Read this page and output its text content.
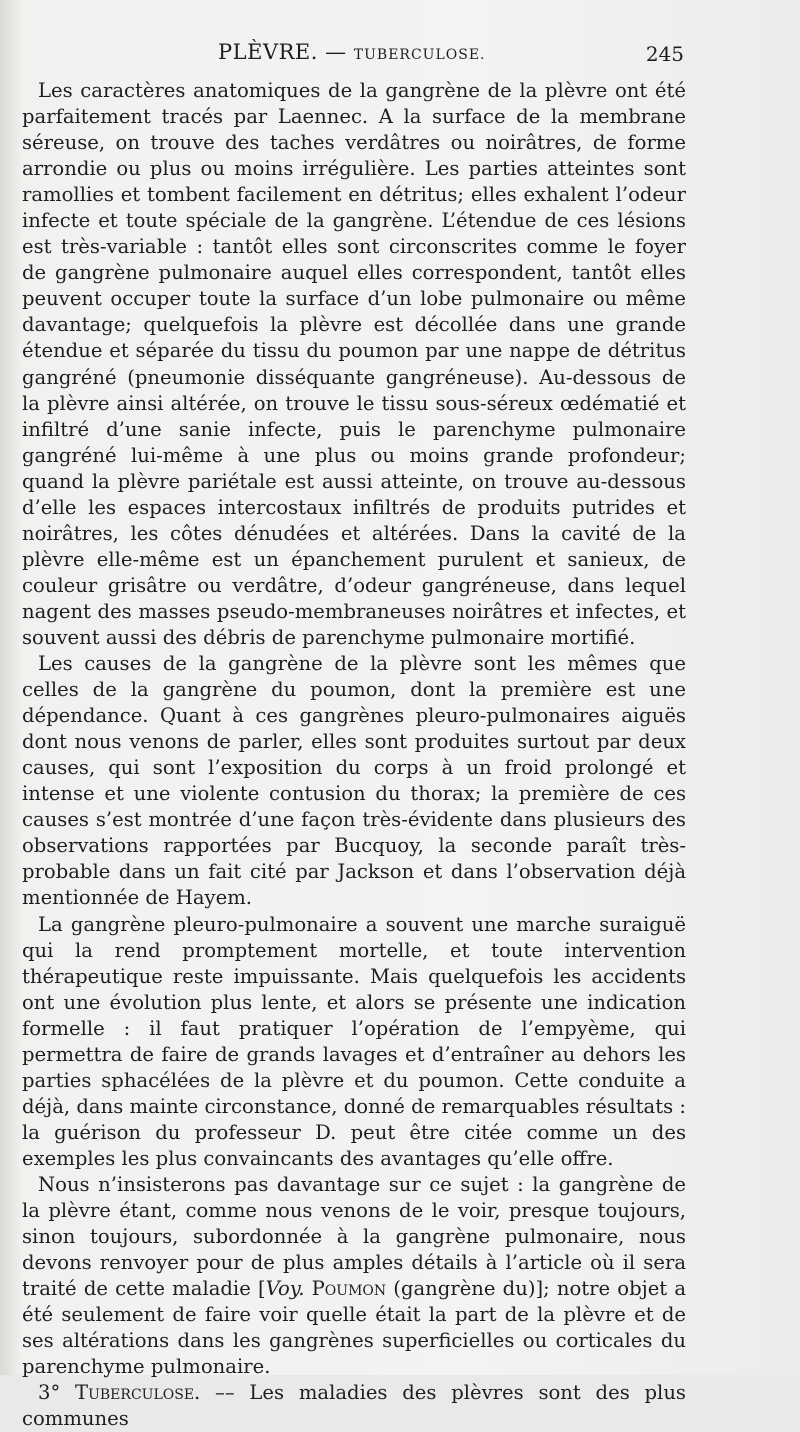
PLÈVRE. — TUBERCULOSE.	245

Les caractères anatomiques de la gangrène de la plèvre ont été parfaitement tracés par Laennec. A la surface de la membrane séreuse, on trouve des taches verdâtres ou noirâtres, de forme arrondie ou plus ou moins irrégulière. Les parties atteintes sont ramollies et tombent facilement en détritus; elles exhalent l’odeur infecte et toute spéciale de la gangrène. L’étendue de ces lésions est très-variable : tantôt elles sont circonscrites comme le foyer de gangrène pulmonaire auquel elles correspondent, tantôt elles peuvent occuper toute la surface d’un lobe pulmonaire ou même davantage; quelquefois la plèvre est décollée dans une grande étendue et séparée du tissu du poumon par une nappe de détritus gangréné (pneumonie disséquante gangréneuse). Au-dessous de la plèvre ainsi altérée, on trouve le tissu sous-séreux œdématié et infiltré d’une sanie infecte, puis le parenchyme pulmonaire gangréné lui-même à une plus ou moins grande profondeur; quand la plèvre pariétale est aussi atteinte, on trouve au-dessous d’elle les espaces intercostaux infiltrés de produits putrides et noirâtres, les côtes dénudées et altérées. Dans la cavité de la plèvre elle-même est un épanchement purulent et sanieux, de couleur grisâtre ou verdâtre, d’odeur gangréneuse, dans lequel nagent des masses pseudo-membraneuses noirâtres et infectes, et souvent aussi des débris de parenchyme pulmonaire mortifié.

Les causes de la gangrène de la plèvre sont les mêmes que celles de la gangrène du poumon, dont la première est une dépendance. Quant à ces gangrènes pleuro-pulmonaires aiguës dont nous venons de parler, elles sont produites surtout par deux causes, qui sont l’exposition du corps à un froid prolongé et intense et une violente contusion du thorax; la première de ces causes s’est montrée d’une façon très-évidente dans plusieurs des observations rapportées par Bucquoy, la seconde paraît très-probable dans un fait cité par Jackson et dans l’observation déjà mentionnée de Hayem.

La gangrène pleuro-pulmonaire a souvent une marche suraiguë qui la rend promptement mortelle, et toute intervention thérapeutique reste impuissante. Mais quelquefois les accidents ont une évolution plus lente, et alors se présente une indication formelle : il faut pratiquer l’opération de l’empyème, qui permettra de faire de grands lavages et d’entraîner au dehors les parties sphacélées de la plèvre et du poumon. Cette conduite a déjà, dans mainte circonstance, donné de remarquables résultats : la guérison du professeur D. peut être citée comme un des exemples les plus convaincants des avantages qu’elle offre.

Nous n’insisterons pas davantage sur ce sujet : la gangrène de la plèvre étant, comme nous venons de le voir, presque toujours, sinon toujours, subordonnée à la gangrène pulmonaire, nous devons renvoyer pour de plus amples détails à l’article où il sera traité de cette maladie [Voy. Poumon (gangrène du)]; notre objet a été seulement de faire voir quelle était la part de la plèvre et de ses altérations dans les gangrènes superficielles ou corticales du parenchyme pulmonaire.

3° Tuberculose. –– Les maladies des plèvres sont des plus communes
